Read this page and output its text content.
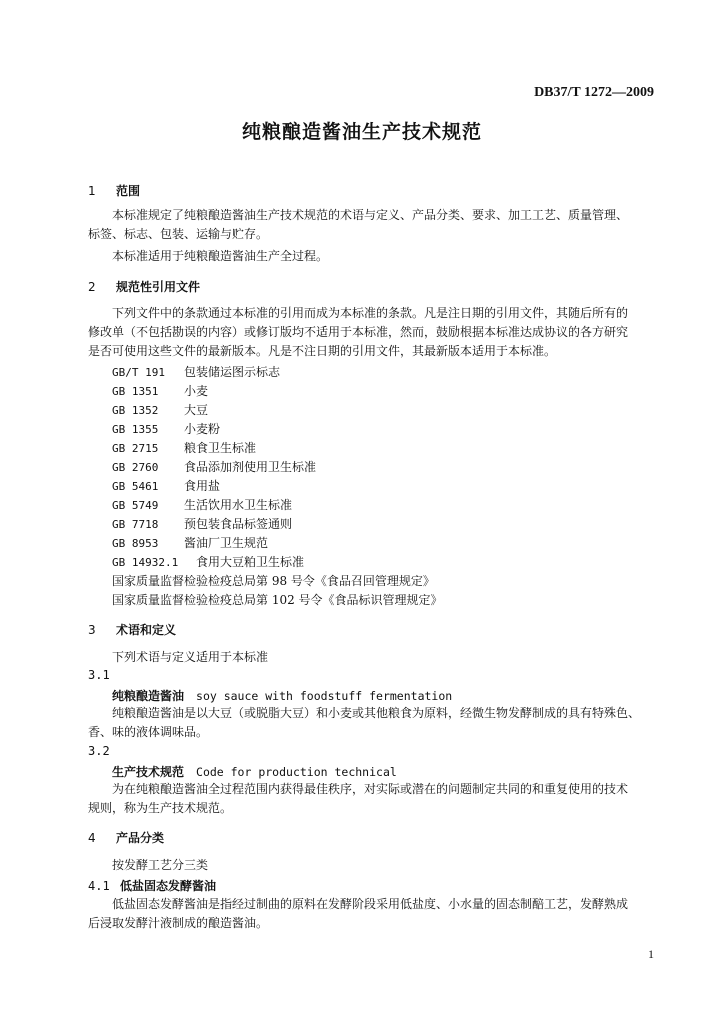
DB37/T 1272—2009
纯粮酿造酱油生产技术规范
1 范围
本标准规定了纯粮酿造酱油生产技术规范的术语与定义、产品分类、要求、加工工艺、质量管理、
标签、标志、包装、运输与贮存。
本标准适用于纯粮酿造酱油生产全过程。
2 规范性引用文件
下列文件中的条款通过本标准的引用而成为本标准的条款。凡是注日期的引用文件，其随后所有的
修改单（不包括勘误的内容）或修订版均不适用于本标准，然而，鼓励根据本标准达成协议的各方研究
是否可使用这些文件的最新版本。凡是不注日期的引用文件，其最新版本适用于本标准。
GB/T 191 包装储运图示标志
GB 1351 小麦
GB 1352 大豆
GB 1355 小麦粉
GB 2715 粮食卫生标准
GB 2760 食品添加剂使用卫生标准
GB 5461 食用盐
GB 5749 生活饮用水卫生标准
GB 7718 预包装食品标签通则
GB 8953 酱油厂卫生规范
GB 14932.1 食用大豆粕卫生标准
国家质量监督检验检疫总局第 98 号令《食品召回管理规定》
国家质量监督检验检疫总局第 102 号令《食品标识管理规定》
3 术语和定义
下列术语与定义适用于本标准
3.1
纯粮酿造酱油 soy sauce with foodstuff fermentation
纯粮酿造酱油是以大豆（或脱脂大豆）和小麦或其他粮食为原料，经微生物发酵制成的具有特殊色、
香、味的液体调味品。
3.2
生产技术规范 Code for production technical
为在纯粮酿造酱油全过程范围内获得最佳秩序，对实际或潜在的问题制定共同的和重复使用的技术
规则，称为生产技术规范。
4 产品分类
按发酵工艺分三类
4.1 低盐固态发酵酱油
低盐固态发酵酱油是指经过制曲的原料在发酵阶段采用低盐度、小水量的固态制醅工艺，发酵熟成
后浸取发酵汁液制成的酿造酱油。
1
